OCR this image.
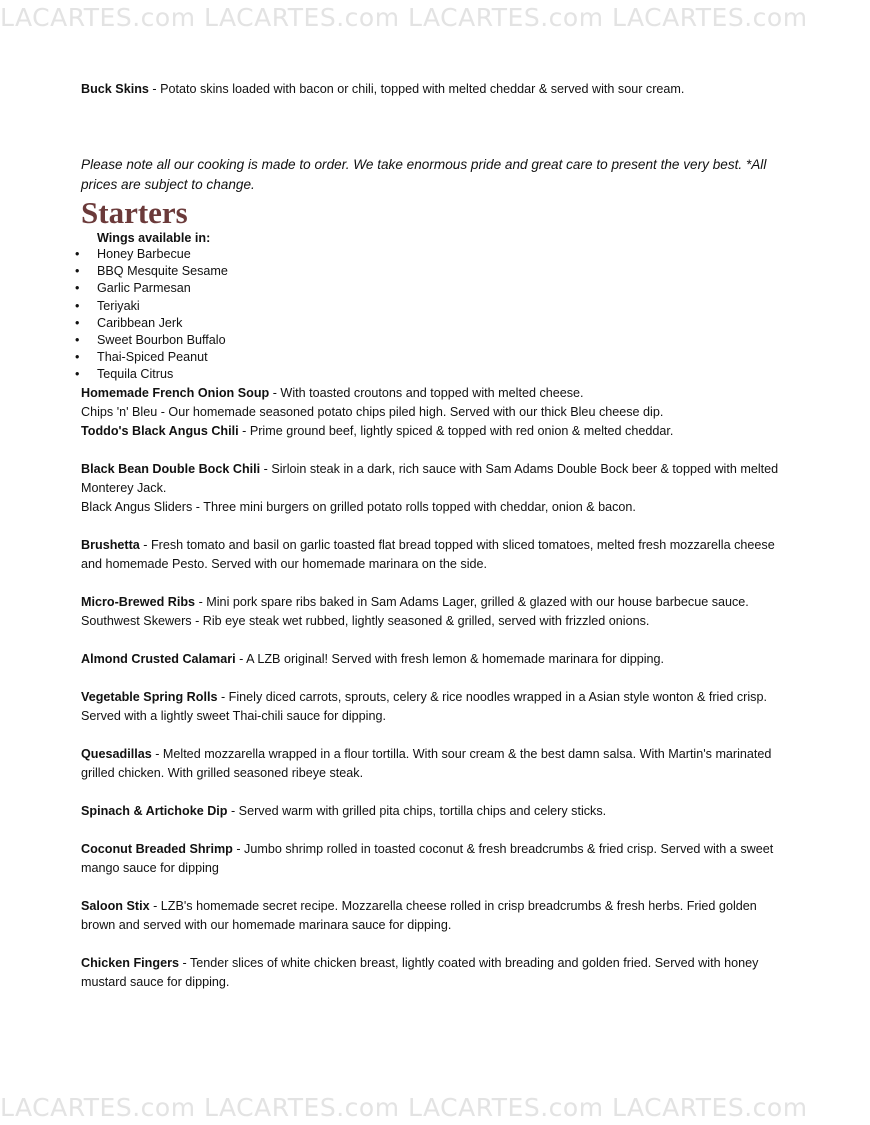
LACARTES.com LACARTES.com LACARTES.com LACARTES.com

Buck Skins - Potato skins loaded with bacon or chili, topped with melted cheddar & served with sour cream.

Please note all our cooking is made to order. We take enormous pride and great care to present the very best. *All prices are subject to change.

Starters

Wings available in:

• Honey Barbecue
• BBQ Mesquite Sesame
• Garlic Parmesan
• Teriyaki
• Caribbean Jerk
• Sweet Bourbon Buffalo
• Thai-Spiced Peanut
• Tequila Citrus

Homemade French Onion Soup - With toasted croutons and topped with melted cheese.

Chips 'n' Bleu - Our homemade seasoned potato chips piled high. Served with our thick Bleu cheese dip.

Toddo's Black Angus Chili - Prime ground beef, lightly spiced & topped with red onion & melted cheddar.

Black Bean Double Bock Chili - Sirloin steak in a dark, rich sauce with Sam Adams Double Bock beer & topped with melted Monterey Jack.

Black Angus Sliders - Three mini burgers on grilled potato rolls topped with cheddar, onion & bacon.

Brushetta - Fresh tomato and basil on garlic toasted flat bread topped with sliced tomatoes, melted fresh mozzarella cheese and homemade Pesto. Served with our homemade marinara on the side.

Micro-Brewed Ribs - Mini pork spare ribs baked in Sam Adams Lager, grilled & glazed with our house barbecue sauce.

Southwest Skewers - Rib eye steak wet rubbed, lightly seasoned & grilled, served with frizzled onions.

Almond Crusted Calamari - A LZB original! Served with fresh lemon & homemade marinara for dipping.

Vegetable Spring Rolls - Finely diced carrots, sprouts, celery & rice noodles wrapped in a Asian style wonton & fried crisp. Served with a lightly sweet Thai-chili sauce for dipping.

Quesadillas - Melted mozzarella wrapped in a flour tortilla. With sour cream & the best damn salsa. With Martin's marinated grilled chicken. With grilled seasoned ribeye steak.

Spinach & Artichoke Dip - Served warm with grilled pita chips, tortilla chips and celery sticks.

Coconut Breaded Shrimp - Jumbo shrimp rolled in toasted coconut & fresh breadcrumbs & fried crisp. Served with a sweet mango sauce for dipping

Saloon Stix - LZB's homemade secret recipe. Mozzarella cheese rolled in crisp breadcrumbs & fresh herbs. Fried golden brown and served with our homemade marinara sauce for dipping.

Chicken Fingers - Tender slices of white chicken breast, lightly coated with breading and golden fried. Served with honey mustard sauce for dipping.

LACARTES.com LACARTES.com LACARTES.com LACARTES.com
